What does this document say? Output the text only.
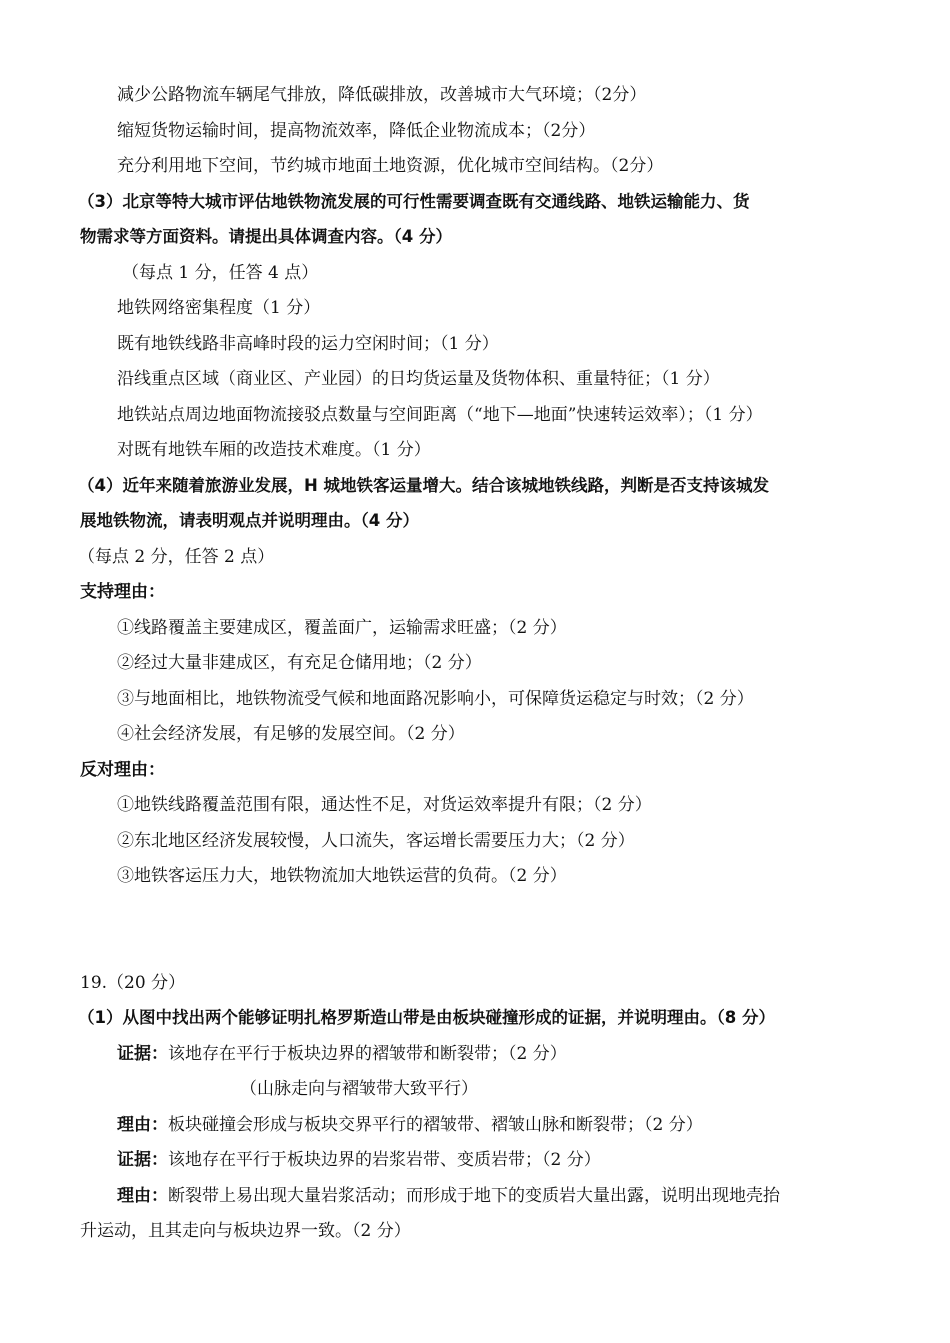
减少公路物流车辆尾气排放，降低碳排放，改善城市大气环境；（2分）
缩短货物运输时间，提高物流效率，降低企业物流成本；（2分）
充分利用地下空间，节约城市地面土地资源，优化城市空间结构。（2分）
（3）北京等特大城市评估地铁物流发展的可行性需要调查既有交通线路、地铁运输能力、货
物需求等方面资料。请提出具体调查内容。（4 分）
（每点 1 分，任答 4 点）
地铁网络密集程度（1 分）
既有地铁线路非高峰时段的运力空闲时间；（1 分）
沿线重点区域（商业区、产业园）的日均货运量及货物体积、重量特征；（1 分）
地铁站点周边地面物流接驳点数量与空间距离（“地下—地面”快速转运效率）；（1 分）
对既有地铁车厢的改造技术难度。（1 分）
（4）近年来随着旅游业发展，H 城地铁客运量增大。结合该城地铁线路，判断是否支持该城发
展地铁物流，请表明观点并说明理由。（4 分）
（每点 2 分，任答 2 点）
支持理由：
①线路覆盖主要建成区，覆盖面广，运输需求旺盛；（2 分）
②经过大量非建成区，有充足仓储用地；（2 分）
③与地面相比，地铁物流受气候和地面路况影响小，可保障货运稳定与时效；（2 分）
④社会经济发展，有足够的发展空间。（2 分）
反对理由：
①地铁线路覆盖范围有限，通达性不足，对货运效率提升有限；（2 分）
②东北地区经济发展较慢，人口流失，客运增长需要压力大；（2 分）
③地铁客运压力大，地铁物流加大地铁运营的负荷。（2 分）
19.（20 分）
（1）从图中找出两个能够证明扎格罗斯造山带是由板块碰撞形成的证据，并说明理由。（8 分）
证据：该地存在平行于板块边界的褶皱带和断裂带；（2 分）
（山脉走向与褶皱带大致平行）
理由：板块碰撞会形成与板块交界平行的褶皱带、褶皱山脉和断裂带；（2 分）
证据：该地存在平行于板块边界的岩浆岩带、变质岩带；（2 分）
理由：断裂带上易出现大量岩浆活动；而形成于地下的变质岩大量出露，说明出现地壳抬
升运动，且其走向与板块边界一致。（2 分）
